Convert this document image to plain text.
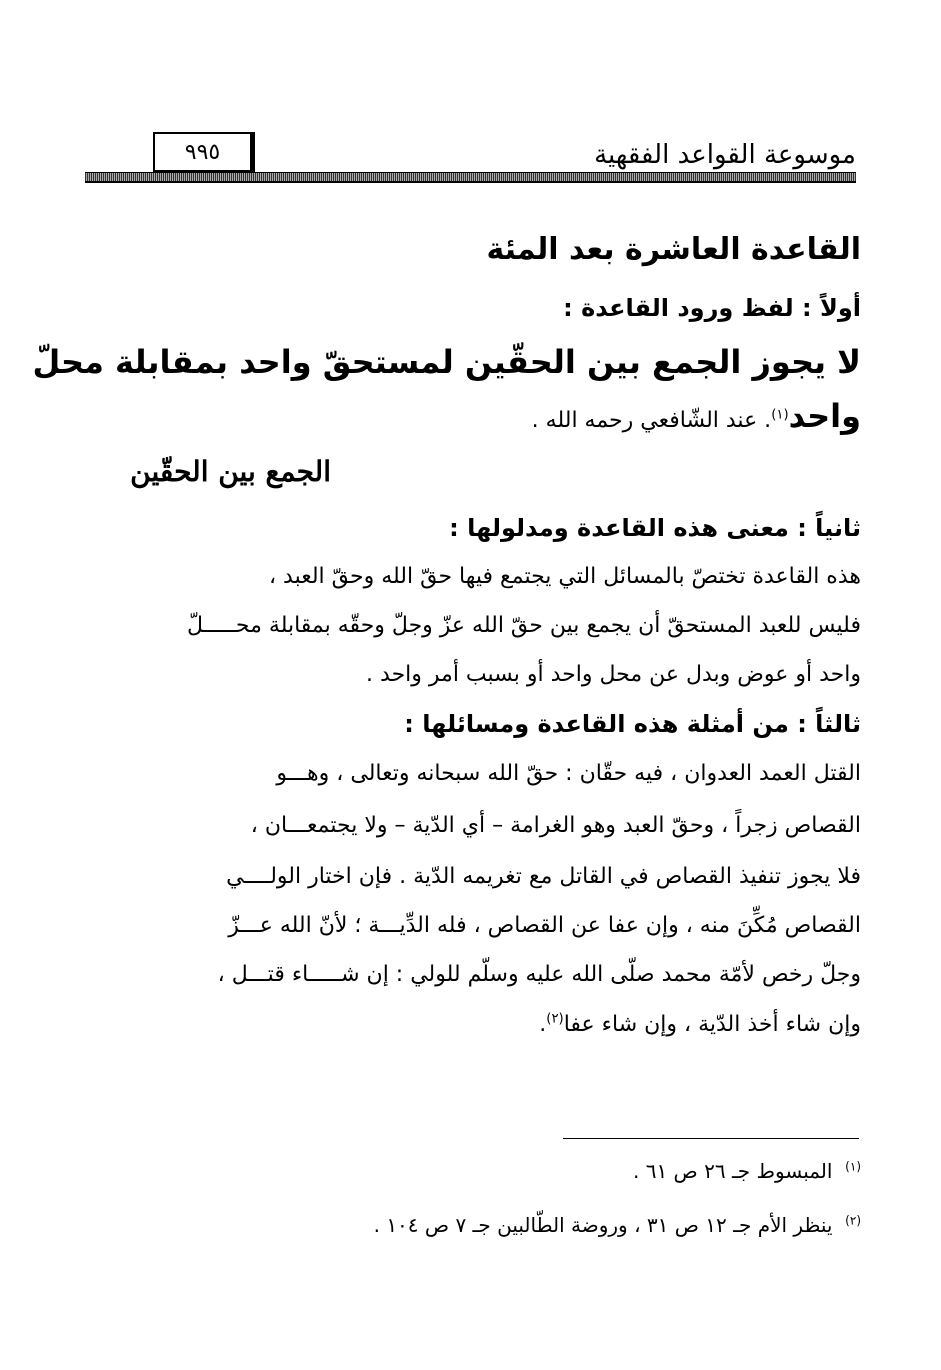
موسوعة القواعد الفقهية
٩٩٥
القاعدة العاشرة بعد المئة
أولاً : لفظ ورود القاعدة :
لا يجوز الجمع بين الحقّين لمستحقّ واحد بمقابلة محلّ
واحد$^{(١)}$. عند الشّافعي رحمه الله .
الجمع بين الحقّين
ثانياً : معنى هذه القاعدة ومدلولها :
هذه القاعدة تختصّ بالمسائل التي يجتمع فيها حقّ الله وحقّ العبد ،
فليس للعبد المستحقّ أن يجمع بين حقّ الله عزّ وجلّ وحقّه بمقابلة محـــــلّ
واحد أو عوض وبدل عن محل واحد أو بسبب أمر واحد .
ثالثاً : من أمثلة هذه القاعدة ومسائلها :
القتل العمد العدوان ، فيه حقّان : حقّ الله سبحانه وتعالى ، وهـــو
القصاص زجراً ، وحقّ العبد وهو الغرامة – أي الدّية – ولا يجتمعـــان ،
فلا يجوز تنفيذ القصاص في القاتل مع تغريمه الدّية . فإن اختار الولــــي
القصاص مُكِّنَ منه ، وإن عفا عن القصاص ، فله الدِّيـــة ؛ لأنّ الله عـــزّ
وجلّ رخص لأمّة محمد صلّى الله عليه وسلّم للولي : إن شـــــاء قتـــل ،
وإن شاء أخذ الدّية ، وإن شاء عفا$^{(٢)}$.
$^{(١)}$  المبسوط جـ ٢٦ ص ٦١ .
$^{(٢)}$  ينظر الأم جـ ١٢ ص ٣١ ، وروضة الطّالبين جـ ٧ ص ١٠٤ .
